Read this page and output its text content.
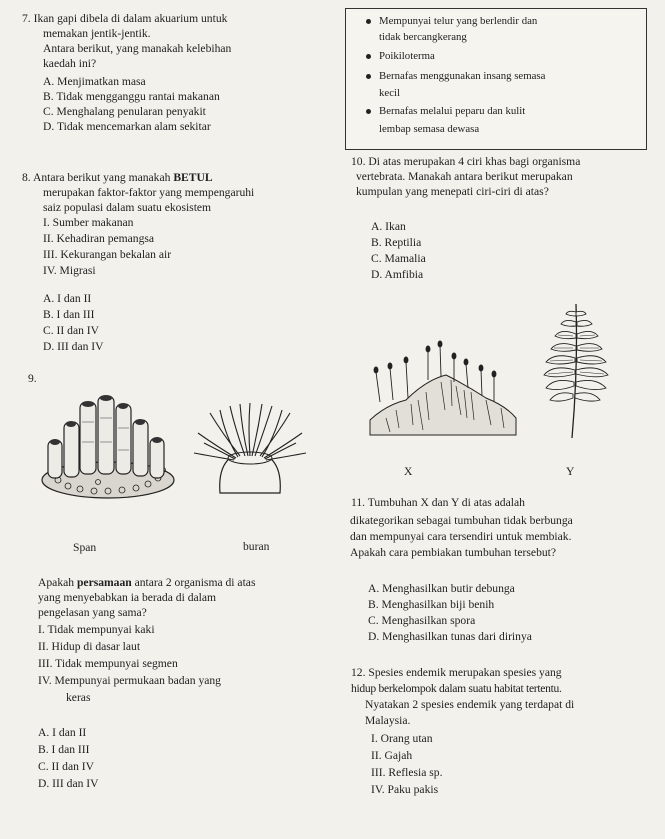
7. Ikan gapi dibela di dalam akuarium untuk
memakan jentik-jentik.
Antara berikut, yang manakah kelebihan
kaedah ini?
A. Menjimatkan masa
B. Tidak mengganggu rantai makanan
C. Menghalang penularan penyakit
D. Tidak mencemarkan alam sekitar
Mempunyai telur yang berlendir dan
tidak bercangkerang
Poikiloterma
Bernafas menggunakan insang semasa
kecil
Bernafas melalui peparu dan kulit
lembap semasa dewasa
8. Antara berikut yang manakah BETUL
merupakan faktor-faktor yang mempengaruhi
saiz populasi dalam suatu ekosistem
I. Sumber makanan
II. Kehadiran pemangsa
III. Kekurangan bekalan air
IV. Migrasi
A. I dan II
B. I dan III
C. II dan IV
D. III dan IV
10. Di atas merupakan 4 ciri khas bagi organisma
vertebrata. Manakah antara berikut merupakan
kumpulan yang menepati ciri-ciri di atas?
A. Ikan
B. Reptilia
C. Mamalia
D. Amfibia
9.
Span	buran
Apakah persamaan antara 2 organisma di atas
yang menyebabkan ia berada di dalam
pengelasan yang sama?
I. Tidak mempunyai kaki
II. Hidup di dasar laut
III. Tidak mempunyai segmen
IV. Mempunyai permukaan badan yang
keras
A. I dan II
B. I dan III
C. II dan IV
D. III dan IV
X	Y
11. Tumbuhan X dan Y di atas adalah
dikategorikan sebagai tumbuhan tidak berbunga
dan mempunyai cara tersendiri untuk membiak.
Apakah cara pembiakan tumbuhan tersebut?
A. Menghasilkan butir debunga
B. Menghasilkan biji benih
C. Menghasilkan spora
D. Menghasilkan tunas dari dirinya
12. Spesies endemik merupakan spesies yang
hidup berkelompok dalam suatu habitat tertentu.
Nyatakan 2 spesies endemik yang terdapat di
Malaysia.
I. Orang utan
II. Gajah
III. Reflesia sp.
IV. Paku pakis
